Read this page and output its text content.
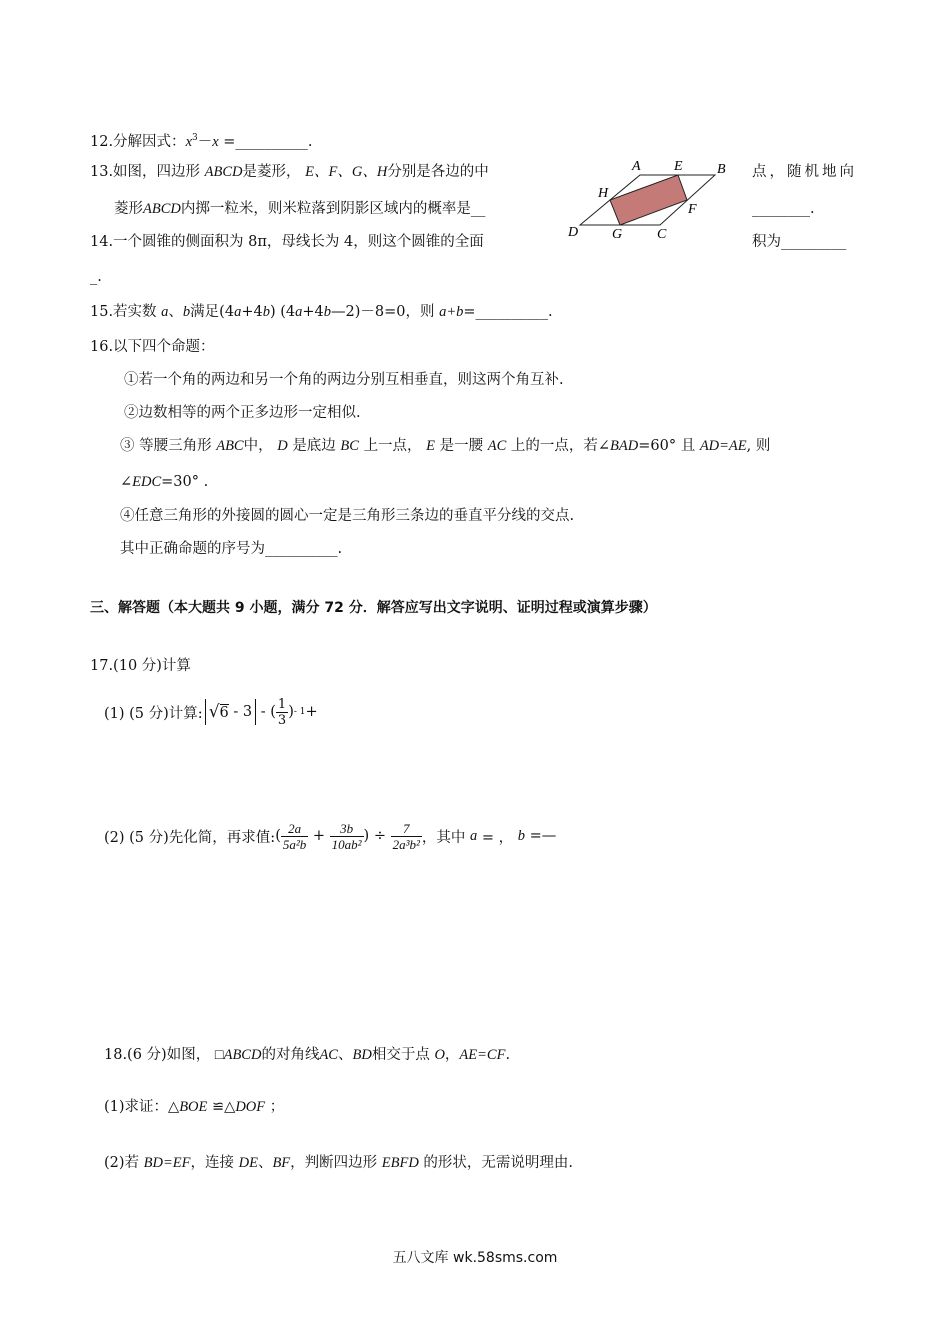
12.分解因式：$x^3-x$ =__________.
13.如图，四边形 ABCD是菱形， E、F、G、H分别是各边的中	点，随机地向
菱形ABCD内掷一粒米，则米粒落到阴影区域内的概率是__	________.
A E B
H
F
D G C
14.一个圆锥的侧面积为 8π，母线长为 4，则这个圆锥的全面	积为_________
_.
15.若实数 a、b满足(4a+4b) (4a+4b—2)－8=0，则 a+b=__________.
16.以下四个命题：
①若一个角的两边和另一个角的两边分别互相垂直，则这两个角互补.
②边数相等的两个正多边形一定相似.
③ 等腰三角形 ABC中， D 是底边 BC 上一点， E 是一腰 AC 上的一点，若∠BAD=60° 且 AD=AE, 则
∠EDC=30° .
④任意三角形的外接圆的圆心一定是三角形三条边的垂直平分线的交点.
其中正确命题的序号为__________.
三、解答题（本大题共 9 小题，满分 72 分．解答应写出文字说明、证明过程或演算步骤）
17.(10 分)计算
(1) (5 分)计算: √ 6
- 3
- ( $\frac{1}{3}$ ) - 1 +
(2) (5 分)先化简，再求值: ( $\frac{2a}{\text{5a²b}} + \frac{3b}{\text{10ab²}}$ ) ÷
$\frac{7}{\text{2a³b²}}$ ，其中
a
= ，
b
=—
18.(6 分)如图， □ABCD的对角线AC、BD相交于点 O，AE=CF.
(1)求证：△BOE ≌△DOF ；
(2)若 BD=EF，连接 DE、BF，判断四边形 EBFD 的形状，无需说明理由.
五八文库 wk.58sms.com
